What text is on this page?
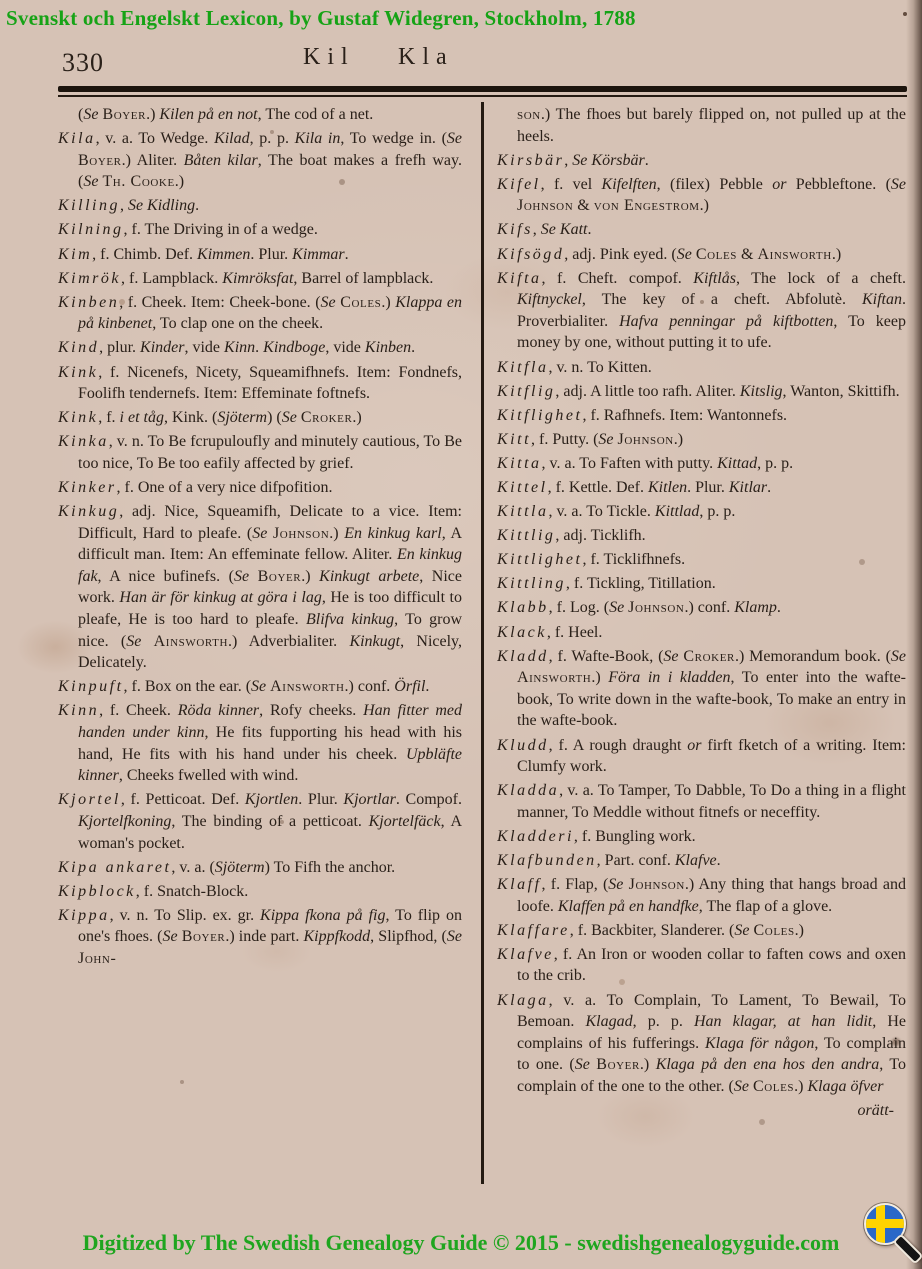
Svenskt och Engelskt Lexicon, by Gustaf Widegren, Stockholm, 1788
330	Kil Kla

(Se Boyer.) Kilen på en not, The cod of a net.

Kila, v. a. To Wedge. Kilad, p. p. Kila in, To wedge in. (Se Boyer.) Aliter. Båten kilar, The boat makes a frefh way. (Se Th. Cooke.)

Killing, Se Kidling.

Kilning, f. The Driving in of a wedge.

Kim, f. Chimb. Def. Kimmen. Plur. Kimmar.

Kimrök, f. Lampblack. Kimröksfat, Barrel of lampblack.

Kinben, f. Cheek. Item: Cheek-bone. (Se Coles.) Klappa en på kinbenet, To clap one on the cheek.

Kind, plur. Kinder, vide Kinn. Kindboge, vide Kinben.

Kink, f. Nicenefs, Nicety, Squeamifhnefs. Item: Fondnefs, Foolifh tendernefs. Item: Effeminate foftnefs.

Kink, f. i et tåg, Kink. (Sjöterm) (Se Croker.)

Kinka, v. n. To Be fcrupuloufly and minutely cautious, To Be too nice, To Be too eafily affected by grief.

Kinker, f. One of a very nice difpofition.

Kinkug, adj. Nice, Squeamifh, Delicate to a vice. Item: Difficult, Hard to pleafe. (Se Johnson.) En kinkug karl, A difficult man. Item: An effeminate fellow. Aliter. En kinkug fak, A nice bufinefs. (Se Boyer.) Kinkugt arbete, Nice work. Han är för kinkug at göra i lag, He is too difficult to pleafe, He is too hard to pleafe. Blifva kinkug, To grow nice. (Se Ainsworth.) Adverbialiter. Kinkugt, Nicely, Delicately.

Kinpuft, f. Box on the ear. (Se Ainsworth.) conf. Örfil.

Kinn, f. Cheek. Röda kinner, Rofy cheeks. Han fitter med handen under kinn, He fits fupporting his head with his hand, He fits with his hand under his cheek. Upbläfte kinner, Cheeks fwelled with wind.

Kjortel, f. Petticoat. Def. Kjortlen. Plur. Kjortlar. Compof. Kjortelfkoning, The binding of a petticoat. Kjortelfäck, A woman's pocket.

Kipa ankaret, v. a. (Sjöterm) To Fifh the anchor.

Kipblock, f. Snatch-Block.

Kippa, v. n. To Slip. ex. gr. Kippa fkona på fig, To flip on one's fhoes. (Se Boyer.) inde part. Kippfkodd, Slipfhod, (Se John-

son.) The fhoes but barely flipped on, not pulled up at the heels.

Kirsbär, Se Körsbär.

Kifel, f. vel Kifelften, (filex) Pebble or Pebbleftone. (Se Johnson & von Engestrom.)

Kifs, Se Katt.

Kifsögd, adj. Pink eyed. (Se Coles & Ainsworth.)

Kifta, f. Cheft. compof. Kiftlås, The lock of a cheft. Kiftnyckel, The key of a cheft. Abfolutè. Kiftan. Proverbialiter. Hafva penningar på kiftbotten, To keep money by one, without putting it to ufe.

Kitfla, v. n. To Kitten.

Kitflig, adj. A little too rafh. Aliter. Kitslig, Wanton, Skittifh.

Kitflighet, f. Rafhnefs. Item: Wantonnefs.

Kitt, f. Putty. (Se Johnson.)

Kitta, v. a. To Faften with putty. Kittad, p. p.

Kittel, f. Kettle. Def. Kitlen. Plur. Kitlar.

Kittla, v. a. To Tickle. Kittlad, p. p.

Kittlig, adj. Ticklifh.

Kittlighet, f. Ticklifhnefs.

Kittling, f. Tickling, Titillation.

Klabb, f. Log. (Se Johnson.) conf. Klamp.

Klack, f. Heel.

Kladd, f. Wafte-Book, (Se Croker.) Memorandum book. (Se Ainsworth.) Föra in i kladden, To enter into the wafte-book, To write down in the wafte-book, To make an entry in the wafte-book.

Kludd, f. A rough draught or firft fketch of a writing. Item: Clumfy work.

Kladda, v. a. To Tamper, To Dabble, To Do a thing in a flight manner, To Meddle without fitnefs or neceffity.

Kladderi, f. Bungling work.

Klafbunden, Part. conf. Klafve.

Klaff, f. Flap, (Se Johnson.) Any thing that hangs broad and loofe. Klaffen på en handfke, The flap of a glove.

Klaffare, f. Backbiter, Slanderer. (Se Coles.)

Klafve, f. An Iron or wooden collar to faften cows and oxen to the crib.

Klaga, v. a. To Complain, To Lament, To Bewail, To Bemoan. Klagad, p. p. Han klagar, at han lidit, He complains of his fufferings. Klaga för någon, To complain to one. (Se Boyer.) Klaga på den ena hos den andra, To complain of the one to the other. (Se Coles.) Klaga öfver

orätt-

Digitized by The Swedish Genealogy Guide © 2015 - swedishgenealogyguide.com
